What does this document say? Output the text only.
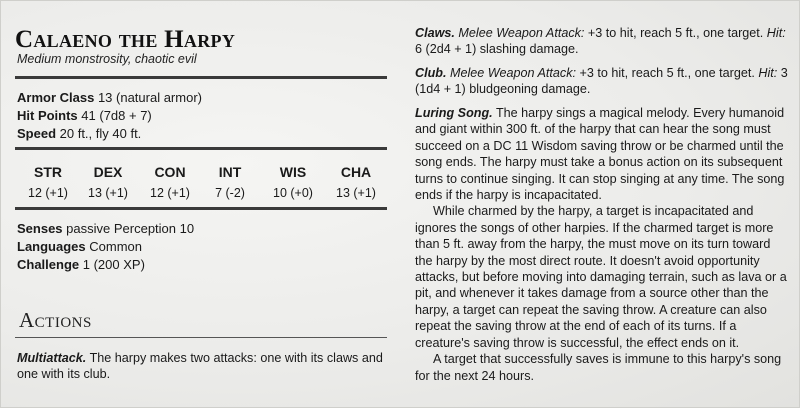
Calaeno the Harpy
Medium monstrosity, chaotic evil
Armor Class 13 (natural armor)
Hit Points 41 (7d8 + 7)
Speed 20 ft., fly 40 ft.
STR
12 (+1)
DEX
13 (+1)
CON
12 (+1)
INT
7 (-2)
WIS
10 (+0)
CHA
13 (+1)
Senses passive Perception 10
Languages Common
Challenge 1 (200 XP)
Actions
Multiattack. The harpy makes two attacks: one with its claws and one with its club.
Claws. Melee Weapon Attack: +3 to hit, reach 5 ft., one target. Hit: 6 (2d4 + 1) slashing damage.
Club. Melee Weapon Attack: +3 to hit, reach 5 ft., one target. Hit: 3 (1d4 + 1) bludgeoning damage.
Luring Song. The harpy sings a magical melody. Every humanoid and giant within 300 ft. of the harpy that can hear the song must succeed on a DC 11 Wisdom saving throw or be charmed until the song ends. The harpy must take a bonus action on its subsequent turns to continue singing. It can stop singing at any time. The song ends if the harpy is incapacitated.
While charmed by the harpy, a target is incapacitated and ignores the songs of other harpies. If the charmed target is more than 5 ft. away from the harpy, the must move on its turn toward the harpy by the most direct route. It doesn't avoid opportunity attacks, but before moving into damaging terrain, such as lava or a pit, and whenever it takes damage from a source other than the harpy, a target can repeat the saving throw. A creature can also repeat the saving throw at the end of each of its turns. If a creature's saving throw is successful, the effect ends on it.
A target that successfully saves is immune to this harpy's song for the next 24 hours.
